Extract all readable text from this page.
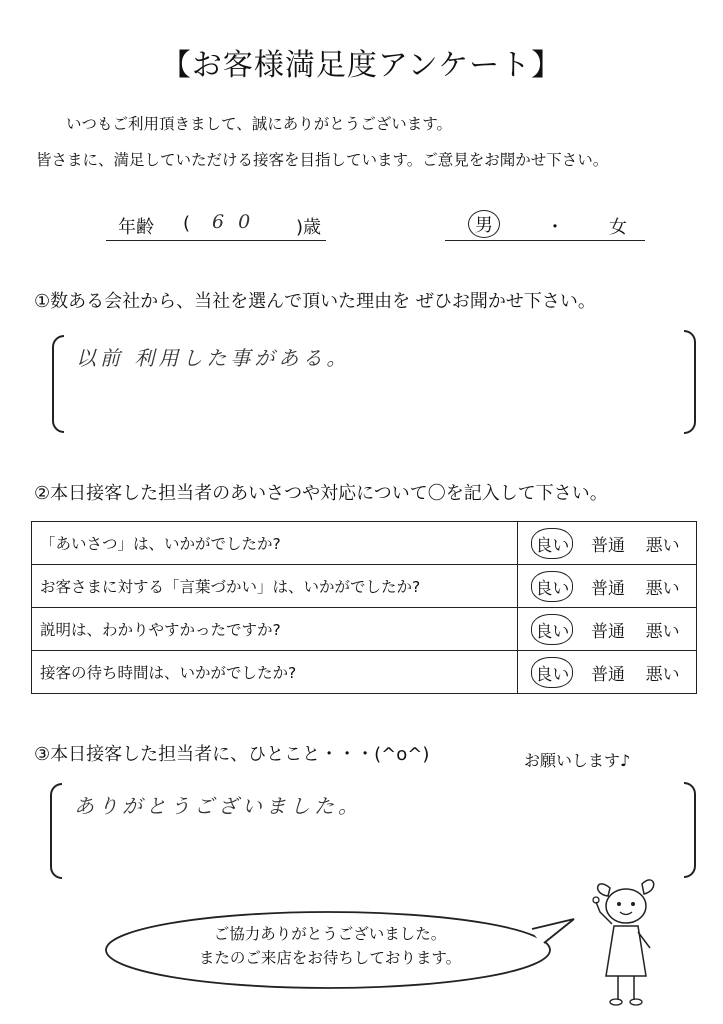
【お客様満足度アンケート】
いつもご利用頂きまして、誠にありがとうございます。
皆さまに、満足していただける接客を目指しています。ご意見をお聞かせ下さい。
年齢 ( 6 0 )歳	男	・	女
①数ある会社から、当社を選んで頂いた理由を ぜひお聞かせ下さい。
以前 利用した事がある。
②本日接客した担当者のあいさつや対応について〇を記入して下さい。
「あいさつ」は、いかがでしたか?	良い 普通 悪い

お客さまに対する「言葉づかい」は、いかがでしたか?	良い 普通 悪い

説明は、わかりやすかったですか?	良い 普通 悪い

接客の待ち時間は、いかがでしたか?	良い 普通 悪い
③本日接客した担当者に、ひとこと・・・(^o^)	お願いします♪
ありがとうございました。
ご協力ありがとうございました。
またのご来店をお待ちしております。
